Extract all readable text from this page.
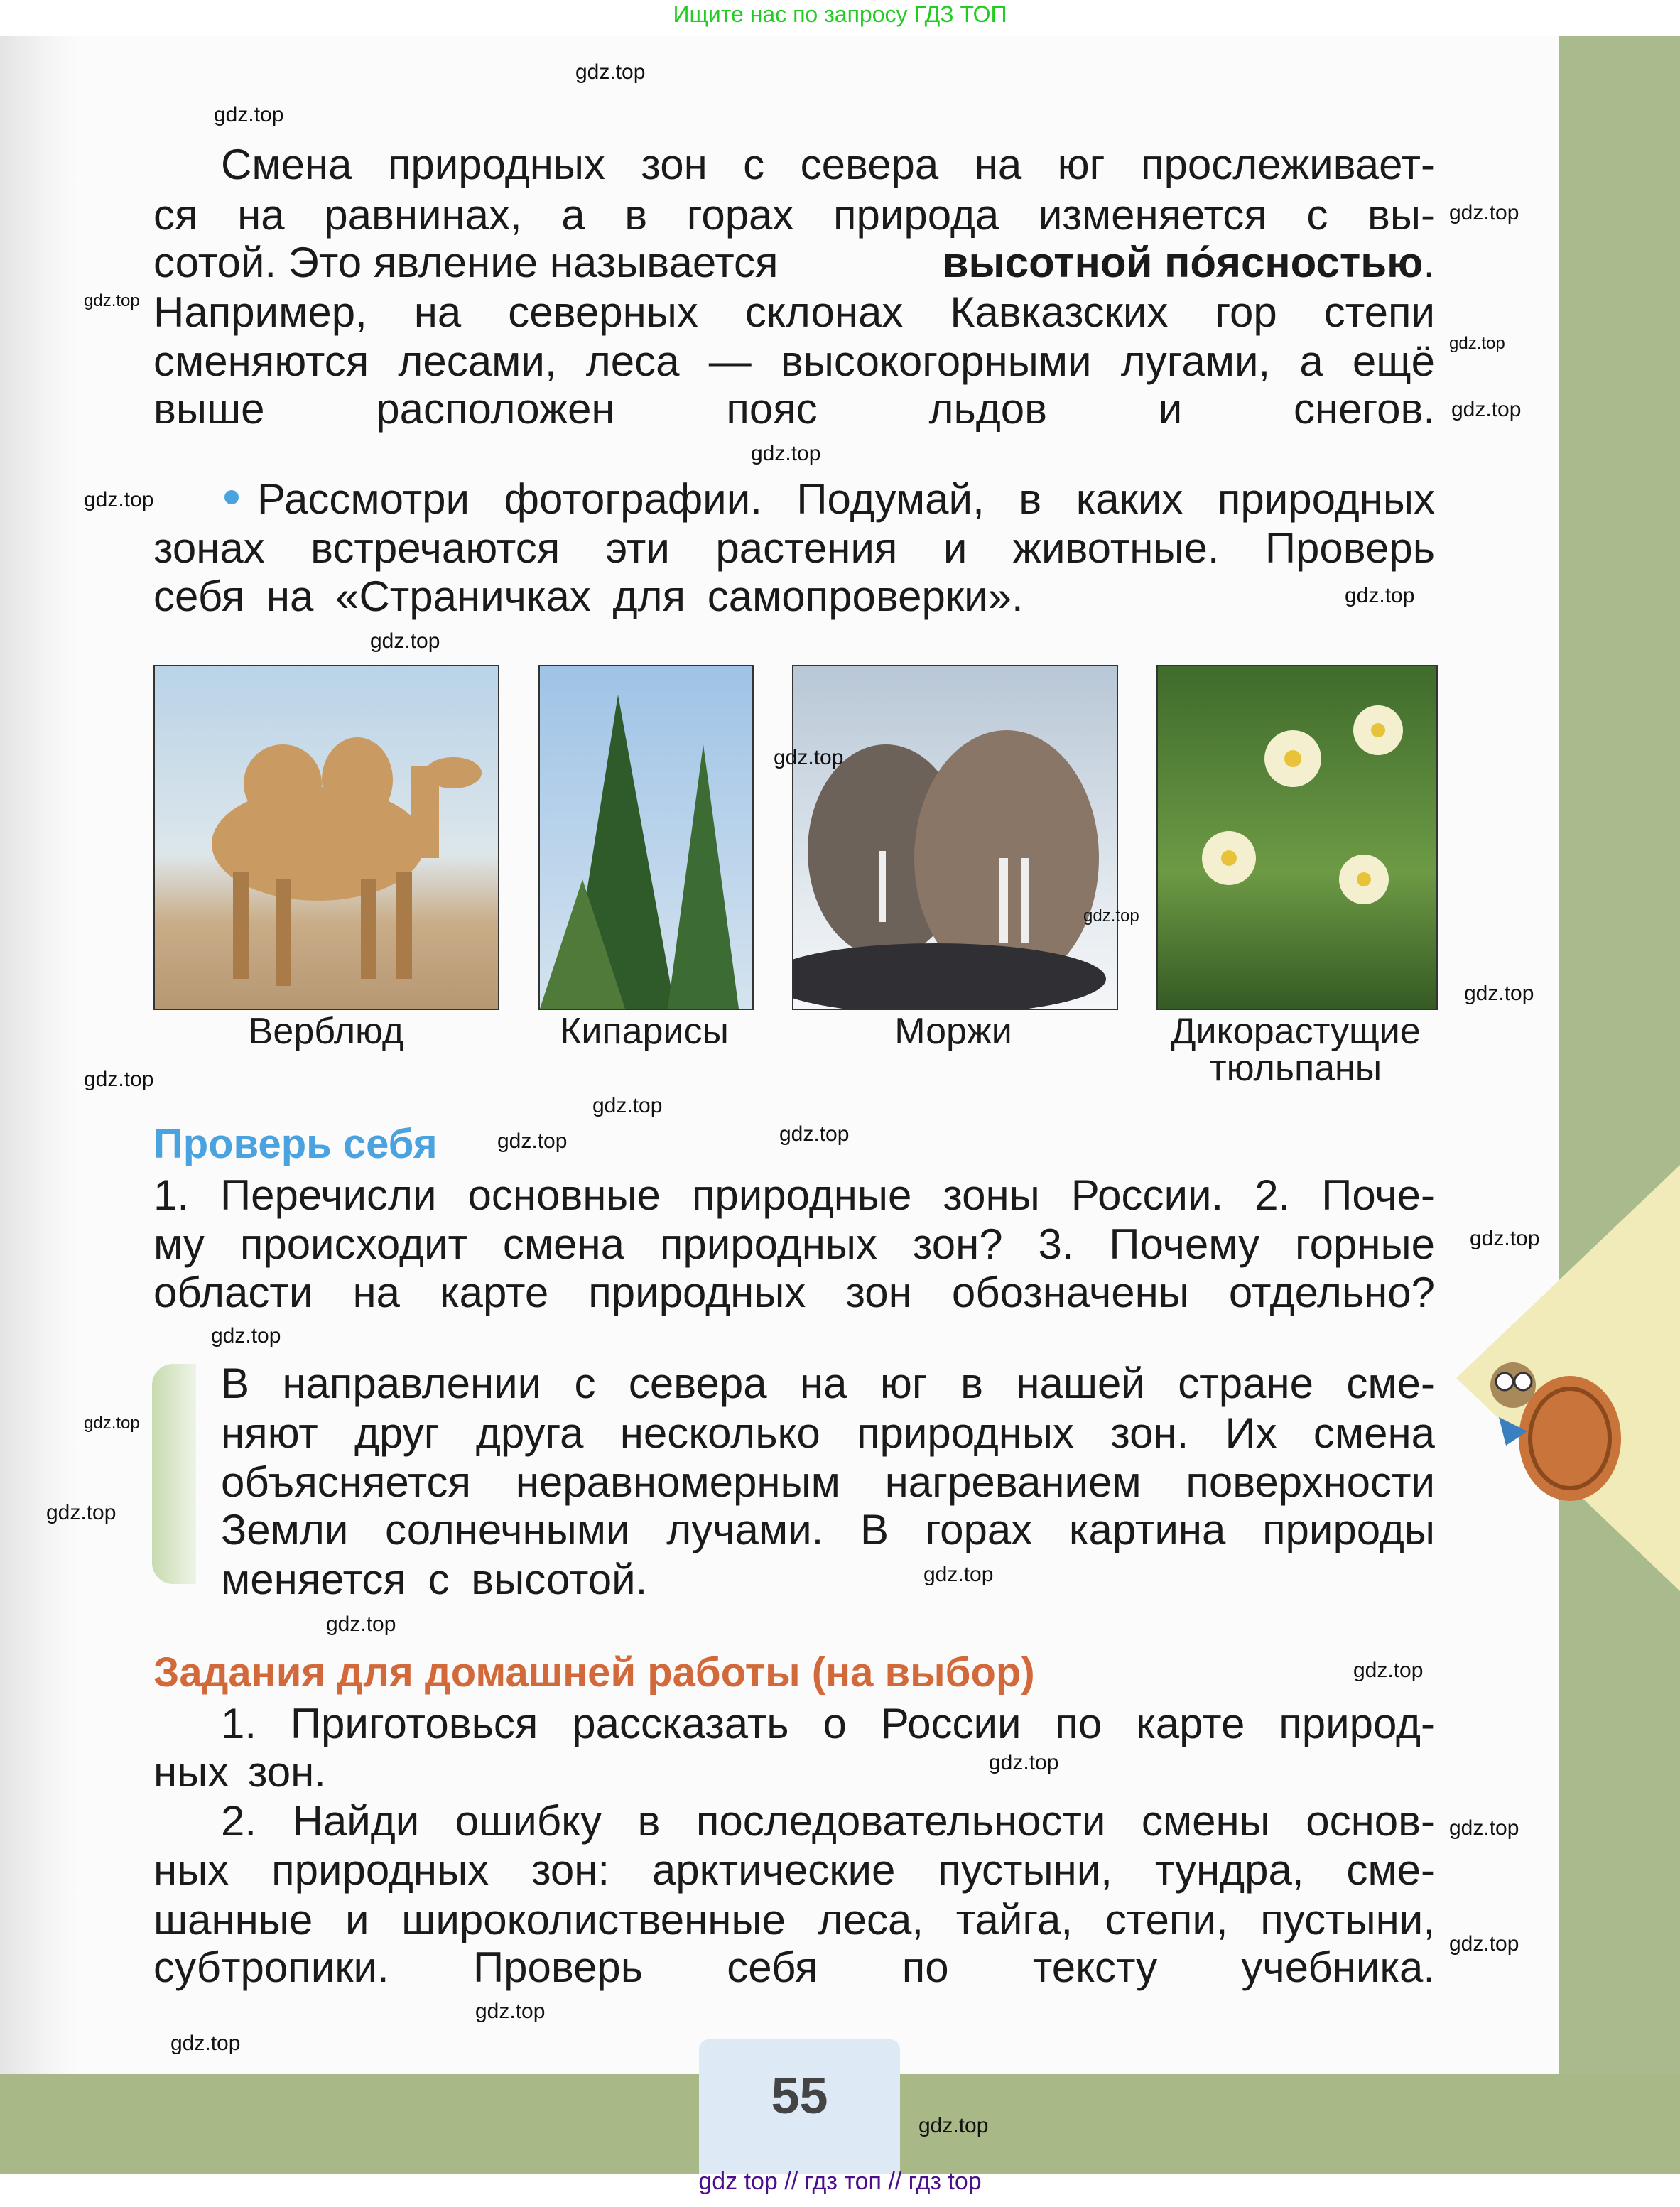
Ищите нас по запросу ГДЗ ТОП
55
Смена природных зон с севера на юг прослеживает-
ся на равнинах, а в горах природа изменяется с вы-
сотой. Это явление называется	высотной по́ясностью.
Например, на северных склонах Кавказских гор степи
сменяются лесами, леса — высокогорными лугами, а ещё
выше расположен пояс льдов и снегов.
Рассмотри фотографии. Подумай, в каких природных
зонах встречаются эти растения и животные. Проверь
себя на «Страничках для самопроверки».
Верблюд	Кипарисы	Моржи	Дикорастущие
тюльпаны
Проверь себя
1. Перечисли основные природные зоны России. 2. Поче-
му происходит смена природных зон? 3. Почему горные
области на карте природных зон обозначены отдельно?
В направлении с севера на юг в нашей стране сме-
няют друг друга несколько природных зон. Их смена
объясняется неравномерным нагреванием поверхности
Земли солнечными лучами. В горах картина природы
меняется с высотой.
Задания для домашней работы (на выбор)
1. Приготовься рассказать о России по карте природ-
ных зон.
2. Найди ошибку в последовательности смены основ-
ных природных зон: арктические пустыни, тундра, сме-
шанные и широколиственные леса, тайга, степи, пустыни,
субтропики. Проверь себя по тексту учебника.
gdz.top
gdz.top
gdz.top
gdz.top
gdz.top
gdz.top
gdz.top
gdz.top
gdz.top
gdz.top
gdz.top
gdz.top
gdz.top
gdz.top
gdz.top
gdz.top
gdz.top
gdz.top
gdz.top
gdz.top
gdz.top
gdz.top
gdz.top
gdz.top
gdz.top
gdz.top
gdz.top
gdz.top
gdz.top
gdz.top
gdz top // гдз топ // гдз top
